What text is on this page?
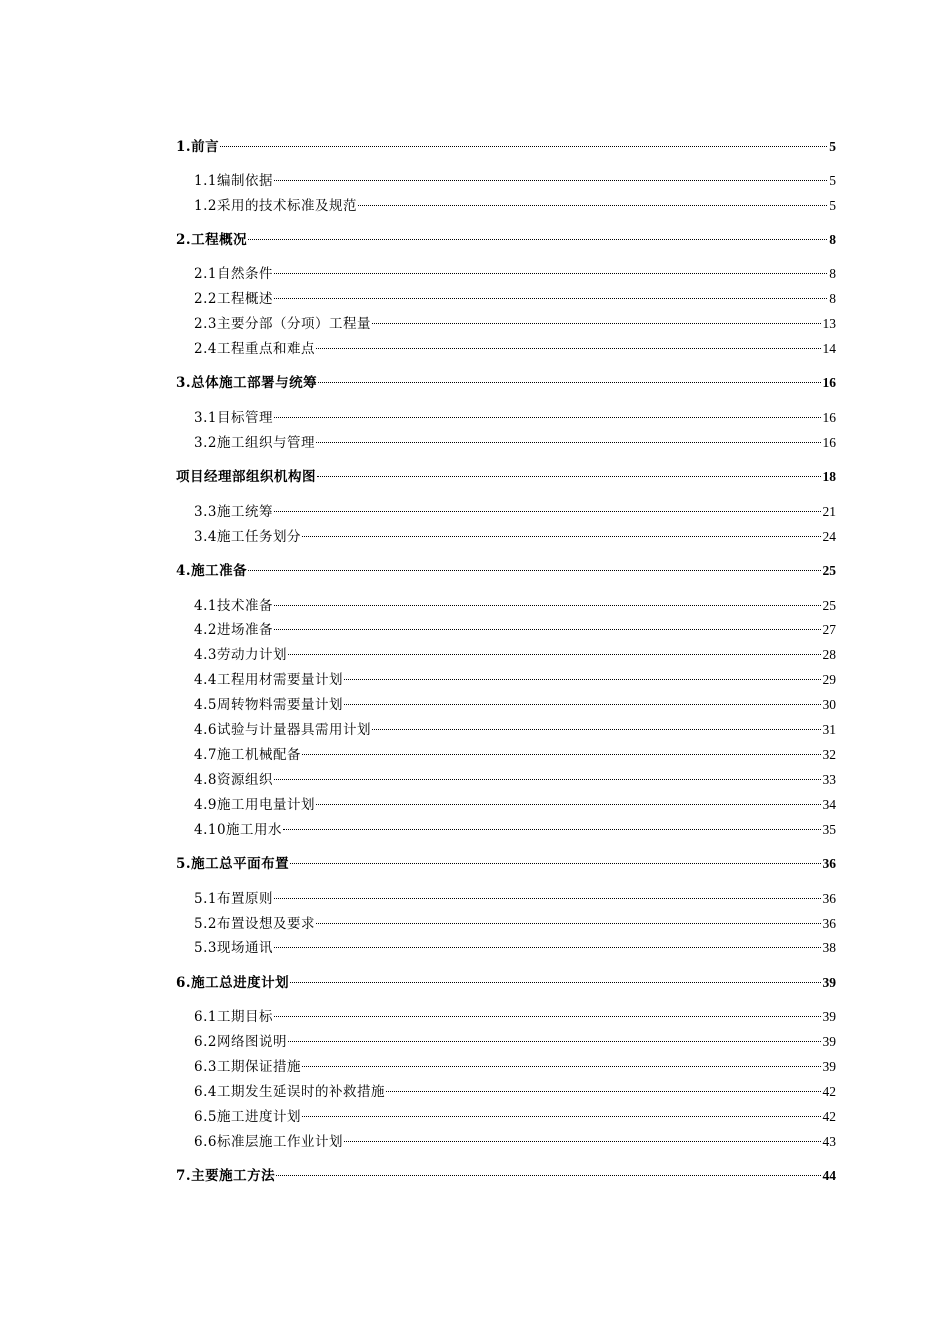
1.前言	5
1.1编制依据	5
1.2采用的技术标准及规范	5
2.工程概况	8
2.1自然条件	8
2.2工程概述	8
2.3主要分部（分项）工程量	13
2.4工程重点和难点	14
3.总体施工部署与统筹	16
3.1目标管理	16
3.2施工组织与管理	16
项目经理部组织机构图	18
3.3施工统筹	21
3.4施工任务划分	24
4.施工准备	25
4.1技术准备	25
4.2进场准备	27
4.3劳动力计划	28
4.4工程用材需要量计划	29
4.5周转物料需要量计划	30
4.6试验与计量器具需用计划	31
4.7施工机械配备	32
4.8资源组织	33
4.9施工用电量计划	34
4.10施工用水	35
5.施工总平面布置	36
5.1布置原则	36
5.2布置设想及要求	36
5.3现场通讯	38
6.施工总进度计划	39
6.1工期目标	39
6.2网络图说明	39
6.3工期保证措施	39
6.4工期发生延误时的补救措施	42
6.5施工进度计划	42
6.6标准层施工作业计划	43
7.主要施工方法	44
